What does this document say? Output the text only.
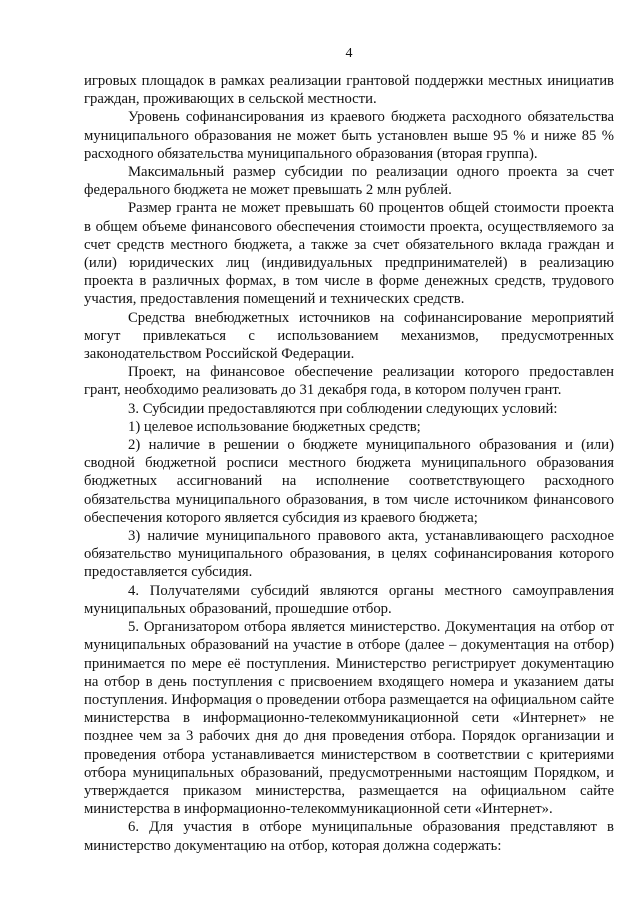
4

игровых площадок в рамках реализации грантовой поддержки местных инициатив граждан, проживающих в сельской местности.

Уровень софинансирования из краевого бюджета расходного обязательства муниципального образования не может быть установлен выше 95 % и ниже 85 % расходного обязательства муниципального образования (вторая группа).

Максимальный размер субсидии по реализации одного проекта за счет федерального бюджета не может превышать 2 млн рублей.

Размер гранта не может превышать 60 процентов общей стоимости проекта в общем объеме финансового обеспечения стоимости проекта, осуществляемого за счет средств местного бюджета, а также за счет обязательного вклада граждан и (или) юридических лиц (индивидуальных предпринимателей) в реализацию проекта в различных формах, в том числе в форме денежных средств, трудового участия, предоставления помещений и технических средств.

Средства внебюджетных источников на софинансирование мероприятий могут привлекаться с использованием механизмов, предусмотренных законодательством Российской Федерации.

Проект, на финансовое обеспечение реализации которого предоставлен грант, необходимо реализовать до 31 декабря года, в котором получен грант.

3. Субсидии предоставляются при соблюдении следующих условий:

1) целевое использование бюджетных средств;

2) наличие в решении о бюджете муниципального образования и (или) сводной бюджетной росписи местного бюджета муниципального образования бюджетных ассигнований на исполнение соответствующего расходного обязательства муниципального образования, в том числе источником финансового обеспечения которого является субсидия из краевого бюджета;

3) наличие муниципального правового акта, устанавливающего расходное обязательство муниципального образования, в целях софинансирования которого предоставляется субсидия.

4. Получателями субсидий являются органы местного самоуправления муниципальных образований, прошедшие отбор.

5. Организатором отбора является министерство. Документация на отбор от муниципальных образований на участие в отборе (далее – документация на отбор) принимается по мере её поступления. Министерство регистрирует документацию на отбор в день поступления с присвоением входящего номера и указанием даты поступления. Информация о проведении отбора размещается на официальном сайте министерства в информационно-телекоммуникационной сети «Интернет» не позднее чем за 3 рабочих дня до дня проведения отбора. Порядок организации и проведения отбора устанавливается министерством в соответствии с критериями отбора муниципальных образований, предусмотренными настоящим Порядком, и утверждается приказом министерства, размещается на официальном сайте министерства в информационно-телекоммуникационной сети «Интернет».

6. Для участия в отборе муниципальные образования представляют в министерство документацию на отбор, которая должна содержать:
